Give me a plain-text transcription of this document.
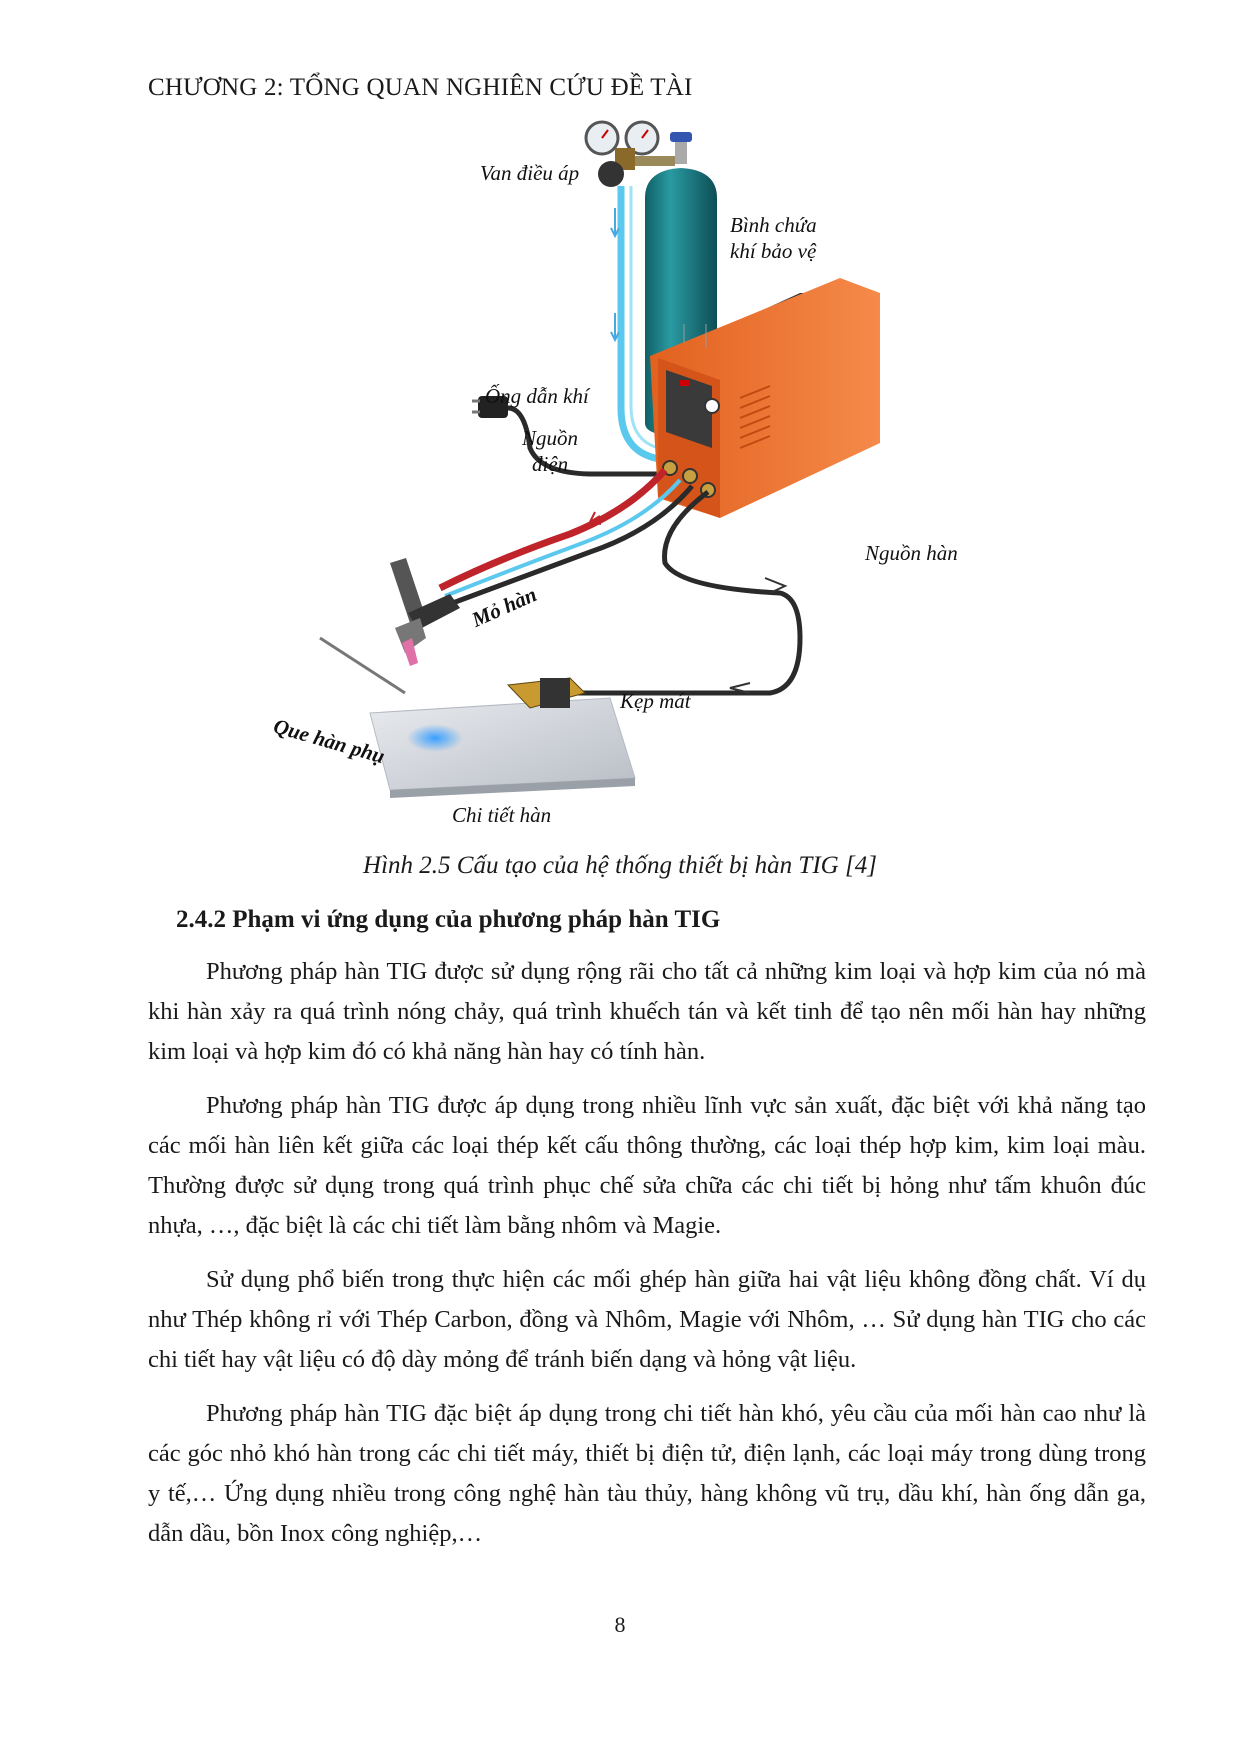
CHƯƠNG 2: TỔNG QUAN NGHIÊN CỨU ĐỀ TÀI
Van điều áp
Bình chứa
khí bảo vệ
Ống dẫn khí
Nguồn
điện
Mỏ hàn
Nguồn hàn
Kẹp mát
Que hàn phụ
Chi tiết hàn
Hình 2.5 Cấu tạo của hệ thống thiết bị hàn TIG [4]
2.4.2 Phạm vi ứng dụng của phương pháp hàn TIG

Phương pháp hàn TIG được sử dụng rộng rãi cho tất cả những kim loại và hợp kim của nó mà khi hàn xảy ra quá trình nóng chảy, quá trình khuếch tán và kết tinh để tạo nên mối hàn hay những kim loại và hợp kim đó có khả năng hàn hay có tính hàn.

Phương pháp hàn TIG được áp dụng trong nhiều lĩnh vực sản xuất, đặc biệt với khả năng tạo các mối hàn liên kết giữa các loại thép kết cấu thông thường, các loại thép hợp kim, kim loại màu. Thường được sử dụng trong quá trình phục chế sửa chữa các chi tiết bị hỏng như tấm khuôn đúc nhựa, …, đặc biệt là các chi tiết làm bằng nhôm và Magie.

Sử dụng phổ biến trong thực hiện các mối ghép hàn giữa hai vật liệu không đồng chất. Ví dụ như Thép không rỉ với Thép Carbon, đồng và Nhôm, Magie với Nhôm, … Sử dụng hàn TIG cho các chi tiết hay vật liệu có độ dày mỏng để tránh biến dạng và hỏng vật liệu.

Phương pháp hàn TIG đặc biệt áp dụng trong chi tiết hàn khó, yêu cầu của mối hàn cao như là các góc nhỏ khó hàn trong các chi tiết máy, thiết bị điện tử, điện lạnh, các loại máy trong dùng trong y tế,… Ứng dụng nhiều trong công nghệ hàn tàu thủy, hàng không vũ trụ, dầu khí, hàn ống dẫn ga, dẫn dầu, bồn Inox công nghiệp,…

8
